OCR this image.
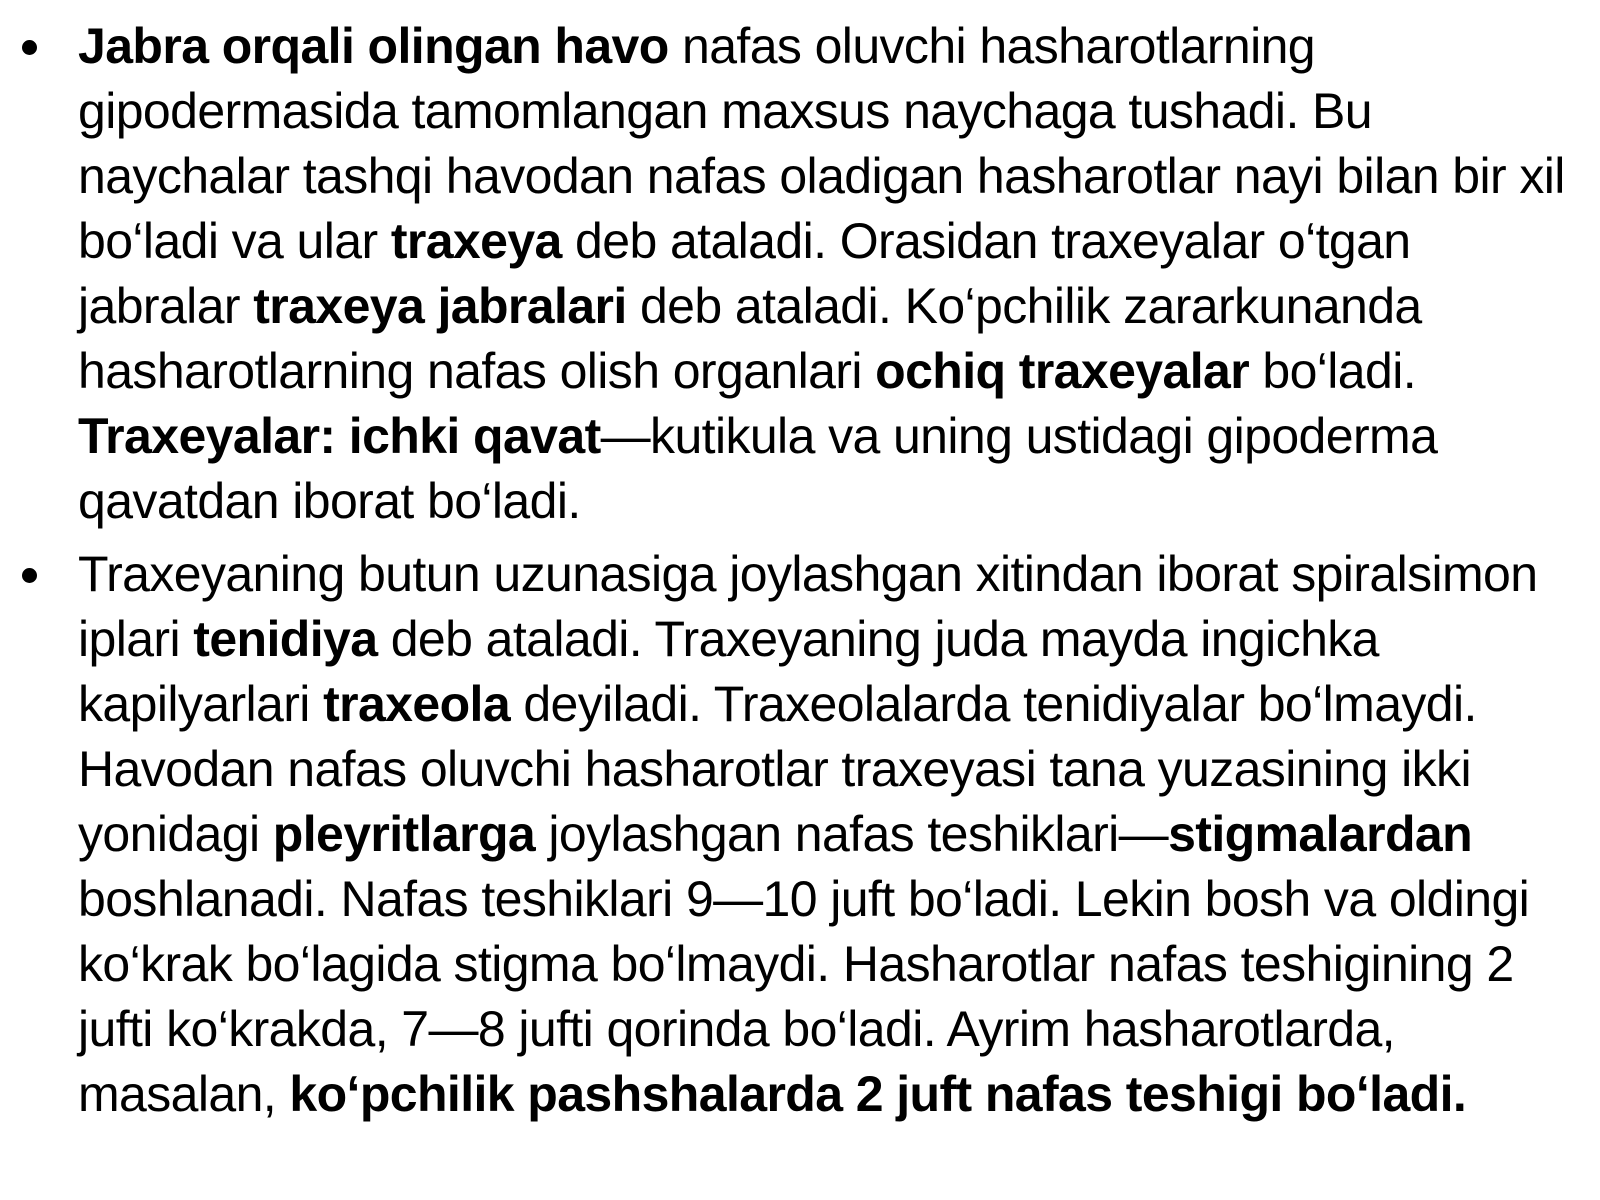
Jabra orqali olingan havo nafas oluvchi hasharotlarning gipodermasida tamomlangan maxsus naychaga tushadi. Bu naychalar tashqi havodan nafas oladigan hasharotlar nayi bilan bir xil bo‘ladi va ular traxeya deb ataladi. Orasidan traxeyalar o‘tgan jabralar traxeya jabralari deb ataladi. Ko‘pchilik zararkunanda hasharotlarning nafas olish organlari ochiq traxeyalar bo‘ladi. Traxeyalar: ichki qavat—kutikula va uning ustidagi gipoderma qavatdan iborat bo‘ladi.
Traxeyaning butun uzunasiga joylashgan xitindan iborat spiralsimon iplari tenidiya deb ataladi. Traxeyaning juda mayda ingichka kapilyarlari traxeola deyiladi. Traxeolalarda tenidiyalar bo‘lmaydi. Havodan nafas oluvchi hasharotlar traxeyasi tana yuzasining ikki yonidagi pleyritlarga joylashgan nafas teshiklari—stigmalardan boshlanadi. Nafas teshiklari 9—10 juft bo‘ladi. Lekin bosh va oldingi ko‘krak bo‘lagida stigma bo‘lmaydi. Hasharotlar nafas teshigining 2 jufti ko‘krakda, 7—8 jufti qorinda bo‘ladi. Ayrim hasharotlarda, masalan, ko‘pchilik pashshalarda 2 juft nafas teshigi bo‘ladi.
